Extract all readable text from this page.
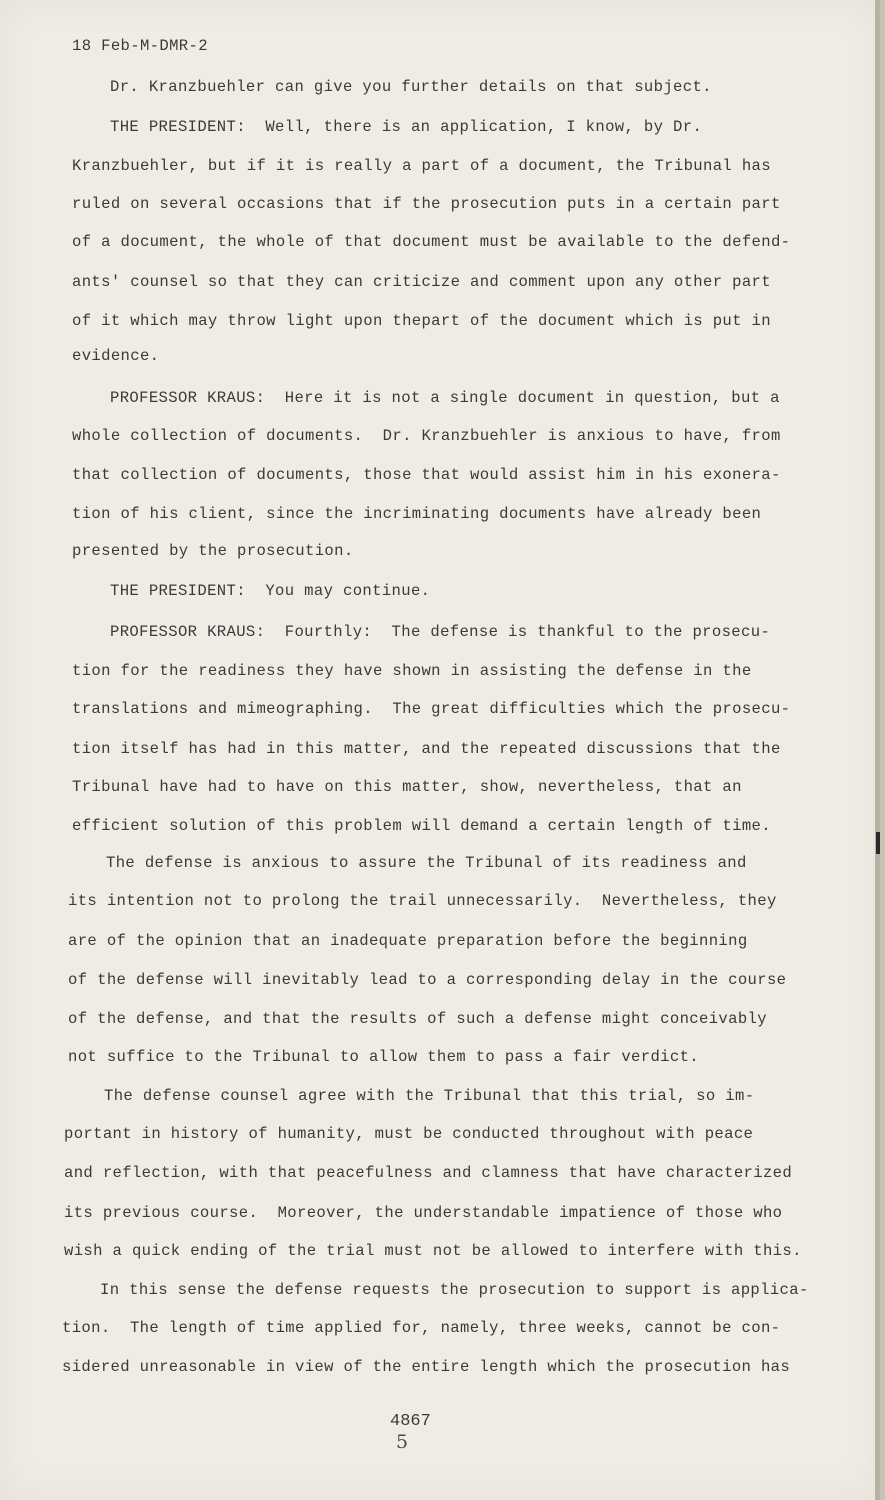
18 Feb-M-DMR-2
Dr. Kranzbuehler can give you further details on that subject.
THE PRESIDENT:  Well, there is an application, I know, by Dr.
Kranzbuehler, but if it is really a part of a document, the Tribunal has
ruled on several occasions that if the prosecution puts in a certain part
of a document, the whole of that document must be available to the defend-
ants' counsel so that they can criticize and comment upon any other part
of it which may throw light upon thepart of the document which is put in
evidence.
PROFESSOR KRAUS:  Here it is not a single document in question, but a
whole collection of documents.  Dr. Kranzbuehler is anxious to have, from
that collection of documents, those that would assist him in his exonera-
tion of his client, since the incriminating documents have already been
presented by the prosecution.
THE PRESIDENT:  You may continue.
PROFESSOR KRAUS:  Fourthly:  The defense is thankful to the prosecu-
tion for the readiness they have shown in assisting the defense in the
translations and mimeographing.  The great difficulties which the prosecu-
tion itself has had in this matter, and the repeated discussions that the
Tribunal have had to have on this matter, show, nevertheless, that an
efficient solution of this problem will demand a certain length of time.
The defense is anxious to assure the Tribunal of its readiness and
its intention not to prolong the trail unnecessarily.  Nevertheless, they
are of the opinion that an inadequate preparation before the beginning
of the defense will inevitably lead to a corresponding delay in the course
of the defense, and that the results of such a defense might conceivably
not suffice to the Tribunal to allow them to pass a fair verdict.
The defense counsel agree with the Tribunal that this trial, so im-
portant in history of humanity, must be conducted throughout with peace
and reflection, with that peacefulness and clamness that have characterized
its previous course.  Moreover, the understandable impatience of those who
wish a quick ending of the trial must not be allowed to interfere with this.
In this sense the defense requests the prosecution to support is applica-
tion.  The length of time applied for, namely, three weeks, cannot be con-
sidered unreasonable in view of the entire length which the prosecution has
4867
5
